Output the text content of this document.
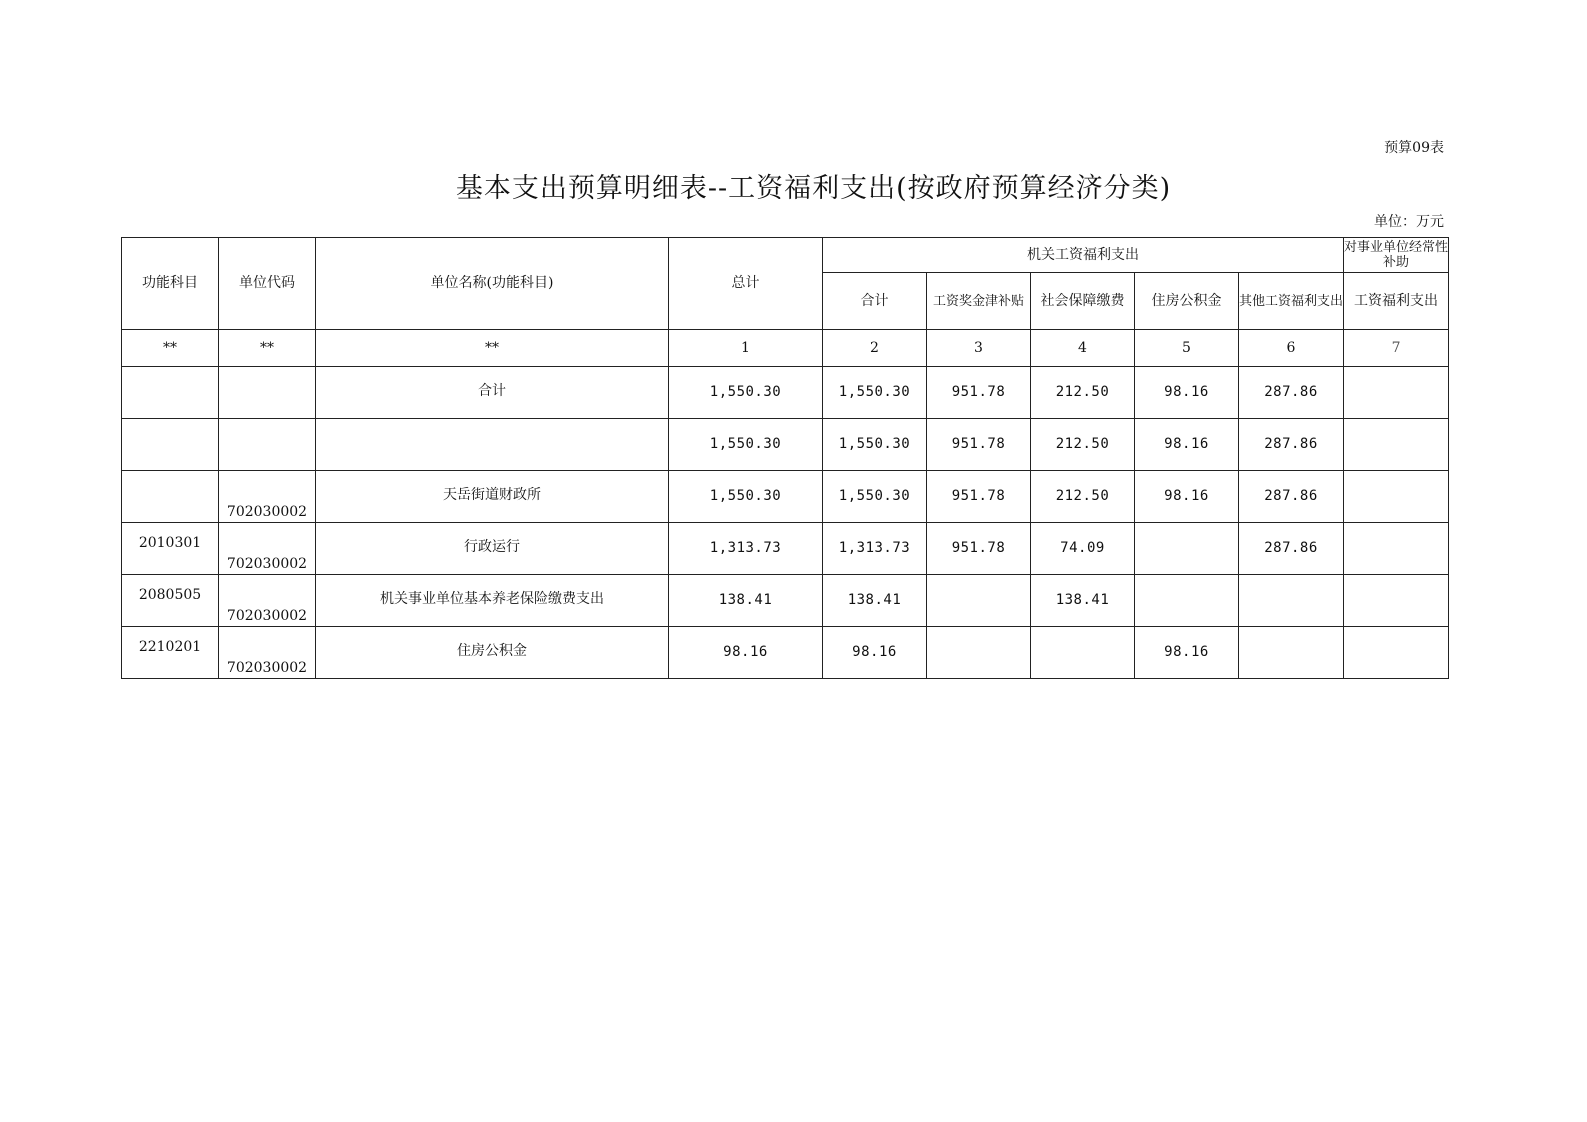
预算09表
基本支出预算明细表--工资福利支出(按政府预算经济分类)
单位：万元
功能科目	单位代码	单位名称(功能科目)	总计	机关工资福利支出					对事业单位经常性补助
				合计	工资奖金津补贴	社会保障缴费	住房公积金	其他工资福利支出	工资福利支出
**	**	**	1	2	3	4	5	6	7
		合计	1,550.30	1,550.30	951.78	212.50	98.16	287.86	
			1,550.30	1,550.30	951.78	212.50	98.16	287.86	
	702030002	天岳街道财政所	1,550.30	1,550.30	951.78	212.50	98.16	287.86	
2010301	702030002	行政运行	1,313.73	1,313.73	951.78	74.09		287.86	
2080505	702030002	机关事业单位基本养老保险缴费支出	138.41	138.41		138.41			
2210201	702030002	住房公积金	98.16	98.16			98.16		
